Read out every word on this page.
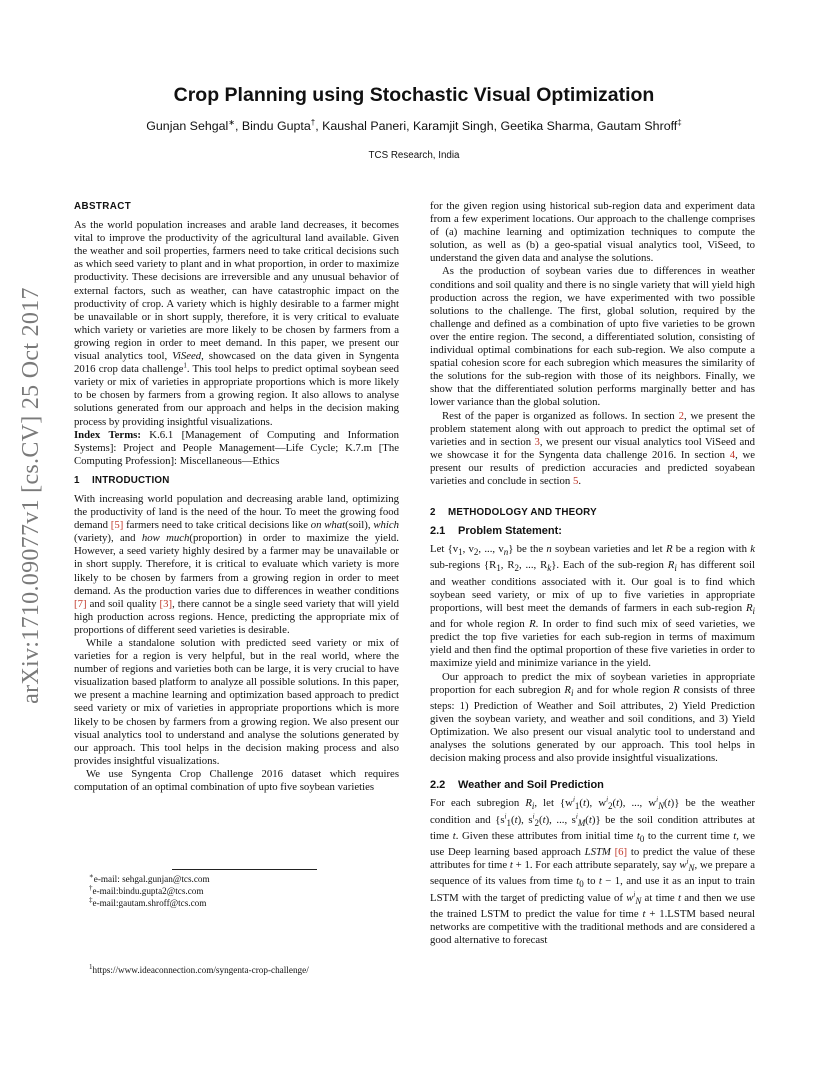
arXiv:1710.09077v1 [cs.CV] 25 Oct 2017
Crop Planning using Stochastic Visual Optimization
Gunjan Sehgal∗, Bindu Gupta†, Kaushal Paneri, Karamjit Singh, Geetika Sharma, Gautam Shroff‡
TCS Research, India
ABSTRACT

As the world population increases and arable land decreases, it becomes vital to improve the productivity of the agricultural land available. Given the weather and soil properties, farmers need to take critical decisions such as which seed variety to plant and in what proportion, in order to maximize productivity. These decisions are irreversible and any unusual behavior of external factors, such as weather, can have catastrophic impact on the productivity of crop. A variety which is highly desirable to a farmer might be unavailable or in short supply, therefore, it is very critical to evaluate which variety or varieties are more likely to be chosen by farmers from a growing region in order to meet demand. In this paper, we present our visual analytics tool, ViSeed, showcased on the data given in Syngenta 2016 crop data challenge$^1$. This tool helps to predict optimal soybean seed variety or mix of varieties in appropriate proportions which is more likely to be chosen by farmers from a growing region. It also allows to analyse solutions generated from our approach and helps in the decision making process by providing insightful visualizations.

Index Terms: K.6.1 [Management of Computing and Information Systems]: Project and People Management—Life Cycle; K.7.m [The Computing Profession]: Miscellaneous—Ethics

1 INTRODUCTION

With increasing world population and decreasing arable land, optimizing the productivity of land is the need of the hour. To meet the growing food demand [5] farmers need to take critical decisions like on what(soil), which (variety), and how much(proportion) in order to maximize the yield. However, a seed variety highly desired by a farmer may be unavailable or in short supply. Therefore, it is critical to evaluate which variety is more likely to be chosen by farmers from a growing region in order to meet demand. As the production varies due to differences in weather conditions [7] and soil quality [3], there cannot be a single seed variety that will yield high production across regions. Hence, predicting the appropriate mix of proportions of different seed varieties is desirable.

While a standalone solution with predicted seed variety or mix of varieties for a region is very helpful, but in the real world, where the number of regions and varieties both can be large, it is very crucial to have visualization based platform to analyze all possible solutions. In this paper, we present a machine learning and optimization based approach to predict seed variety or mix of varieties in appropriate proportions which is more likely to be chosen by farmers from a growing region. We also present our visual analytics tool to understand and analyse the solutions generated by our approach. This tool helps in the decision making process and also provides insightful visualizations.

We use Syngenta Crop Challenge 2016 dataset which requires computation of an optimal combination of upto five soybean varieties

∗e-mail: sehgal.gunjan@tcs.com
†e-mail:bindu.gupta2@tcs.com
‡e-mail:gautam.shroff@tcs.com
$^1$https://www.ideaconnection.com/syngenta-crop-challenge/

for the given region using historical sub-region data and experiment data from a few experiment locations. Our approach to the challenge comprises of (a) machine learning and optimization techniques to compute the solution, as well as (b) a geo-spatial visual analytics tool, ViSeed, to understand the given data and analyse the solutions.

As the production of soybean varies due to differences in weather conditions and soil quality and there is no single variety that will yield high production across the region, we have experimented with two possible solutions to the challenge. The first, global solution, required by the challenge and defined as a combination of upto five varieties to be grown over the entire region. The second, a differentiated solution, consisting of individual optimal combinations for each sub-region. We also compute a spatial cohesion score for each subregion which measures the similarity of the solutions for the sub-region with those of its neighbors. Finally, we show that the differentiated solution performs marginally better and has lower variance than the global solution.

Rest of the paper is organized as follows. In section 2, we present the problem statement along with out approach to predict the optimal set of varieties and in section 3, we present our visual analytics tool ViSeed and we showcase it for the Syngenta data challenge 2016. In section 4, we present our results of prediction accuracies and predicted soyabean varieties and conclude in section 5.

2 METHODOLOGY AND THEORY
2.1 Problem Statement:

Let {$v_1$, $v_2$, ..., $v_n$} be the n soybean varieties and let R be a region with k sub-regions {$R_1$, $R_2$, ..., $R_k$}. Each of the sub-region $R_i$ has different soil and weather conditions associated with it. Our goal is to find which soybean seed variety, or mix of up to five varieties in appropriate proportions, will best meet the demands of farmers in each sub-region $R_i$ and for whole region R. In order to find such mix of seed varieties, we predict the top five varieties for each sub-region in terms of maximum yield and then find the optimal proportion of these five varieties in order to maximize yield and minimize variance in the yield.

Our approach to predict the mix of soybean varieties in appropriate proportion for each subregion $R_i$ and for whole region R consists of three steps: 1) Prediction of Weather and Soil attributes, 2) Yield Prediction given the soybean variety, and weather and soil conditions, and 3) Yield Optimization. We also present our visual analytic tool to understand and analyses the solutions generated by our approach. This tool helps in decision making process and also provide insightful visualizations.

2.2 Weather and Soil Prediction

For each subregion $R_i$, let {$w^i_1(t)$, $w^i_2(t)$, ..., $w^i_N(t)$} be the weather condition and {$s^i_1(t)$, $s^i_2(t)$, ..., $s^i_M(t)$} be the soil condition attributes at time t. Given these attributes from initial time $t_0$ to the current time t, we use Deep learning based approach LSTM [6] to predict the value of these attributes for time t + 1. For each attribute separately, say $w^i_N$, we prepare a sequence of its values from time $t_0$ to t − 1, and use it as an input to train LSTM with the target of predicting value of $w^i_N$ at time t and then we use the trained LSTM to predict the value for time t + 1.LSTM based neural networks are competitive with the traditional methods and are considered a good alternative to forecast
